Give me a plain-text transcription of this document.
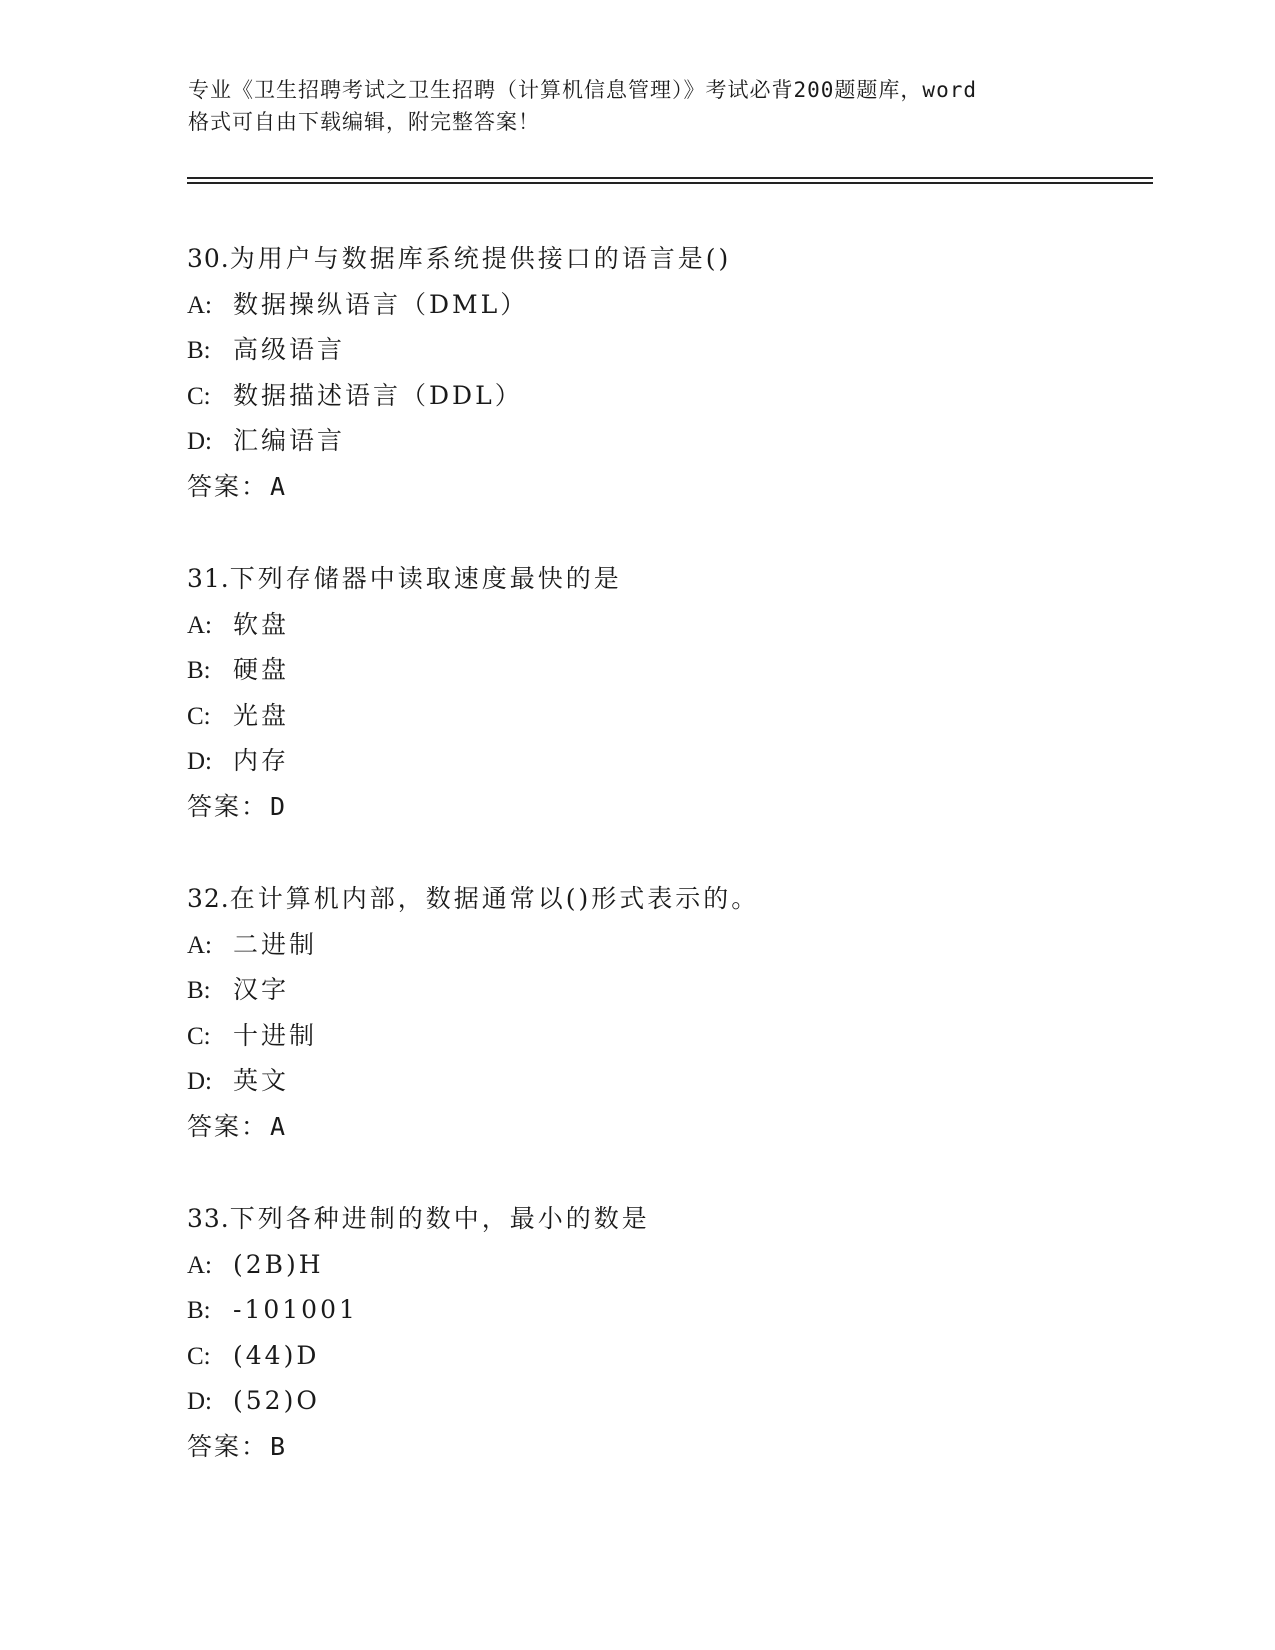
专业《卫生招聘考试之卫生招聘（计算机信息管理）》考试必背200题题库，word
格式可自由下载编辑，附完整答案！
30.为用户与数据库系统提供接口的语言是()
A: 数据操纵语言（DML）
B: 高级语言
C: 数据描述语言（DDL）
D: 汇编语言
答案：A
31.下列存储器中读取速度最快的是
A: 软盘
B: 硬盘
C: 光盘
D: 内存
答案：D
32.在计算机内部，数据通常以()形式表示的。
A: 二进制
B: 汉字
C: 十进制
D: 英文
答案：A
33.下列各种进制的数中，最小的数是
A: (2B)H
B: -101001
C: (44)D
D: (52)O
答案：B
